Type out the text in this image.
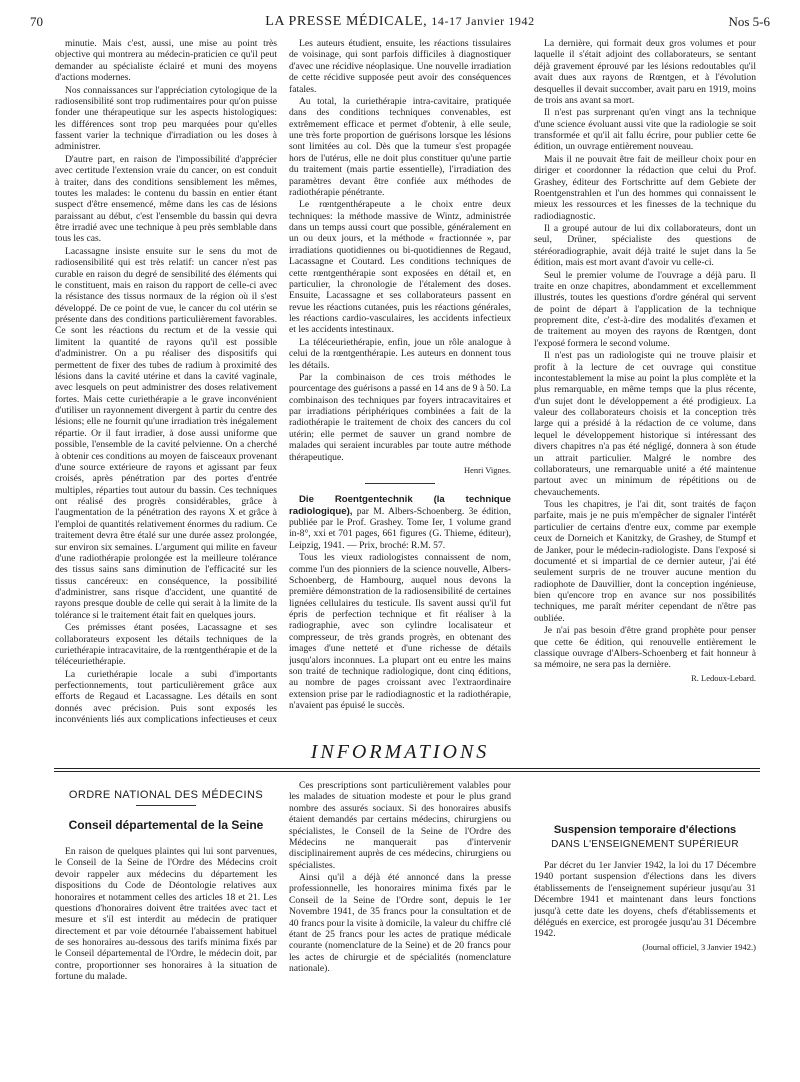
70	LA PRESSE MÉDICALE, 14-17 Janvier 1942	Nos 5-6

minutie. Mais c'est, aussi, une mise au point très objective qui montrera au médecin-praticien ce qu'il peut demander au spécialiste éclairé et muni des moyens d'actions modernes.

Nos connaissances sur l'appréciation cytologique de la radiosensibilité sont trop rudimentaires pour qu'on puisse fonder une thérapeutique sur les aspects histologiques: les différences sont trop peu marquées pour qu'elles fassent varier la technique d'irradiation ou les doses à administrer.

D'autre part, en raison de l'impossibilité d'apprécier avec certitude l'extension vraie du cancer, on est conduit à traiter, dans des conditions sensiblement les mêmes, toutes les malades: le contenu du bassin en entier étant suspect d'être ensemencé, même dans les cas de lésions paraissant au début, c'est l'ensemble du bassin qui devra être irradié avec une technique à peu près semblable dans tous les cas.

Lacassagne insiste ensuite sur le sens du mot de radiosensibilité qui est très relatif: un cancer n'est pas curable en raison du degré de sensibilité des éléments qui le constituent, mais en raison du rapport de celle-ci avec la résistance des tissus normaux de la région où il s'est développé. De ce point de vue, le cancer du col utérin se présente dans des conditions particulièrement favorables. Ce sont les réactions du rectum et de la vessie qui limitent la quantité de rayons qu'il est possible d'administrer. On a pu réaliser des dispositifs qui permettent de fixer des tubes de radium à proximité des lésions dans la cavité utérine et dans la cavité vaginale, avec lesquels on peut administrer des doses relativement fortes. Mais cette curiethérapie a le grave inconvénient d'utiliser un rayonnement divergent à partir du centre des lésions; elle ne fournit qu'une irradiation très inégalement répartie. Or il faut irradier, à dose aussi uniforme que possible, l'ensemble de la cavité pelvienne. On a cherché à obtenir ces conditions au moyen de faisceaux provenant d'une source extérieure de rayons et agissant par feux croisés, après pénétration par des portes d'entrée multiples, réparties tout autour du bassin. Ces techniques ont réalisé des progrès considérables, grâce à l'augmentation de la pénétration des rayons X et grâce à l'emploi de quantités relativement énormes du radium. Ce traitement devra être étalé sur une durée assez prolongée, sur environ six semaines. L'argument qui milite en faveur d'une radiothérapie prolongée est la meilleure tolérance des tissus sains sans diminution de l'efficacité sur les tissus cancéreux: en conséquence, la possibilité d'administrer, sans risque d'accident, une quantité de rayons presque double de celle qui serait à la limite de la tolérance si le traitement était fait en quelques jours.

Ces prémisses étant posées, Lacassagne et ses collaborateurs exposent les détails techniques de la curiethérapie intracavitaire, de la rœntgenthérapie et de la téléceuriethérapie.

La curiethérapie locale a subi d'importants perfectionnements, tout particulièrement grâce aux efforts de Regaud et Lacassagne. Les détails en sont donnés avec précision. Puis sont exposés les inconvénients liés aux complications infectieuses et ceux

Les auteurs étudient, ensuite, les réactions tissulaires de voisinage, qui sont parfois difficiles à diagnostiquer d'avec une récidive néoplasique. Une nouvelle irradiation de cette récidive supposée peut avoir des conséquences fatales.

Au total, la curiethérapie intra-cavitaire, pratiquée dans des conditions techniques convenables, est extrêmement efficace et permet d'obtenir, à elle seule, une très forte proportion de guérisons lorsque les lésions sont limitées au col. Dès que la tumeur s'est propagée hors de l'utérus, elle ne doit plus constituer qu'une partie du traitement (mais partie essentielle), l'irradiation des paramètres devant être confiée aux méthodes de radiothérapie pénétrante.

Le rœntgenthérapeute a le choix entre deux techniques: la méthode massive de Wintz, administrée dans un temps aussi court que possible, généralement en un ou deux jours, et la méthode « fractionnée », par irradiations quotidiennes ou bi-quotidiennes de Regaud, Lacassagne et Coutard. Les conditions techniques de cette rœntgenthérapie sont exposées en détail et, en particulier, la chronologie de l'étalement des doses. Ensuite, Lacassagne et ses collaborateurs passent en revue les réactions cutanées, puis les réactions générales, les réactions cardio-vasculaires, les accidents infectieux et les accidents intestinaux.

La téléceuriethérapie, enfin, joue un rôle analogue à celui de la rœntgenthérapie. Les auteurs en donnent tous les détails.

Par la combinaison de ces trois méthodes le pourcentage des guérisons a passé en 14 ans de 9 à 50. La combinaison des techniques par foyers intracavitaires et par irradiations périphériques combinées a fait de la radiothérapie le traitement de choix des cancers du col utérin; elle permet de sauver un grand nombre de malades qui seraient incurables par toute autre méthode thérapeutique.

Henri Vignes.

Die Roentgentechnik (la technique radiologique), par M. Albers-Schoenberg. 3e édition, publiée par le Prof. Grashey. Tome Ier, 1 volume grand in-8°, xxi et 701 pages, 661 figures (G. Thieme, éditeur), Leipzig, 1941. — Prix, broché: R.M. 57.

Tous les vieux radiologistes connaissent de nom, comme l'un des pionniers de la science nouvelle, Albers-Schoenberg, de Hambourg, auquel nous devons la première démonstration de la radiosensibilité de certaines lignées cellulaires du testicule. Ils savent aussi qu'il fut épris de perfection technique et fit réaliser à la radiographie, avec son cylindre localisateur et compresseur, de très grands progrès, en obtenant des images d'une netteté et d'une richesse de détails jusqu'alors inconnues. La plupart ont eu entre les mains son traité de technique radiologique, dont cinq éditions, au nombre de pages croissant avec l'extraordinaire extension prise par le radiodiagnostic et la radiothérapie, n'avaient pas épuisé le succès.

La dernière, qui formait deux gros volumes et pour laquelle il s'était adjoint des collaborateurs, se sentant déjà gravement éprouvé par les lésions redoutables qu'il avait dues aux rayons de Rœntgen, et à l'évolution desquelles il devait succomber, avait paru en 1919, moins de trois ans avant sa mort.

Il n'est pas surprenant qu'en vingt ans la technique d'une science évoluant aussi vite que la radiologie se soit transformée et qu'il ait fallu écrire, pour publier cette 6e édition, un ouvrage entièrement nouveau.

Mais il ne pouvait être fait de meilleur choix pour en diriger et coordonner la rédaction que celui du Prof. Grashey, éditeur des Fortschritte auf dem Gebiete der Roentgenstrahlen et l'un des hommes qui connaissent le mieux les ressources et les finesses de la technique du radiodiagnostic.

Il a groupé autour de lui dix collaborateurs, dont un seul, Drüner, spécialiste des questions de stéréoradiographie, avait déjà traité le sujet dans la 5e édition, mais est mort avant d'avoir vu celle-ci.

Seul le premier volume de l'ouvrage a déjà paru. Il traite en onze chapitres, abondamment et excellemment illustrés, toutes les questions d'ordre général qui servent de point de départ à l'application de la technique proprement dite, c'est-à-dire des modalités d'examen et de traitement au moyen des rayons de Rœntgen, dont l'exposé formera le second volume.

Il n'est pas un radiologiste qui ne trouve plaisir et profit à la lecture de cet ouvrage qui constitue incontestablement la mise au point la plus complète et la plus remarquable, en même temps que la plus récente, d'un sujet dont le développement a été prodigieux. La valeur des collaborateurs choisis et la conception très large qui a présidé à la rédaction de ce volume, dans lequel le développement historique si intéressant des divers chapitres n'a pas été négligé, donnera à son étude un attrait particulier. Malgré le nombre des collaborateurs, une remarquable unité a été maintenue partout avec un minimum de répétitions ou de chevauchements.

Tous les chapitres, je l'ai dit, sont traités de façon parfaite, mais je ne puis m'empêcher de signaler l'intérêt particulier de certains d'entre eux, comme par exemple ceux de Dorneich et Kanitzky, de Grashey, de Stumpf et de Janker, pour le médecin-radiologiste. Dans l'exposé si documenté et si impartial de ce dernier auteur, j'ai été seulement surpris de ne trouver aucune mention du radiophote de Dauvillier, dont la conception ingénieuse, bien qu'encore trop en avance sur nos possibilités techniques, me paraît mériter cependant de n'être pas oubliée.

Je n'ai pas besoin d'être grand prophète pour penser que cette 6e édition, qui renouvelle entièrement le classique ouvrage d'Albers-Schoenberg et fait honneur à sa mémoire, ne sera pas la dernière.

R. Ledoux-Lebard.

INFORMATIONS
ORDRE NATIONAL DES MÉDECINS
Conseil départemental de la Seine

En raison de quelques plaintes qui lui sont parvenues, le Conseil de la Seine de l'Ordre des Médecins croit devoir rappeler aux médecins du département les dispositions du Code de Déontologie relatives aux honoraires et notamment celles des articles 18 et 21. Les questions d'honoraires doivent être traitées avec tact et mesure et s'il est interdit au médecin de pratiquer directement et par voie détournée l'abaissement habituel de ses honoraires au-dessous des tarifs minima fixés par le Conseil départemental de l'Ordre, le médecin doit, par contre, proportionner ses honoraires à la situation de fortune du malade.

Ces prescriptions sont particulièrement valables pour les malades de situation modeste et pour le plus grand nombre des assurés sociaux. Si des honoraires abusifs étaient demandés par certains médecins, chirurgiens ou spécialistes, le Conseil de la Seine de l'Ordre des Médecins ne manquerait pas d'intervenir disciplinairement auprès de ces médecins, chirurgiens ou spécialistes.

Ainsi qu'il a déjà été annoncé dans la presse professionnelle, les honoraires minima fixés par le Conseil de la Seine de l'Ordre sont, depuis le 1er Novembre 1941, de 35 francs pour la consultation et de 40 francs pour la visite à domicile, la valeur du chiffre clé étant de 25 francs pour les actes de pratique médicale courante (nomenclature de la Seine) et de 20 francs pour les actes de chirurgie et de spécialités (nomenclature nationale).

Suspension temporaire d'élections
DANS L'ENSEIGNEMENT SUPÉRIEUR

Par décret du 1er Janvier 1942, la loi du 17 Décembre 1940 portant suspension d'élections dans les divers établissements de l'enseignement supérieur jusqu'au 31 Décembre 1941 et maintenant dans leurs fonctions jusqu'à cette date les doyens, chefs d'établissements et délégués en exercice, est prorogée jusqu'au 31 Décembre 1942.

(Journal officiel, 3 Janvier 1942.)
